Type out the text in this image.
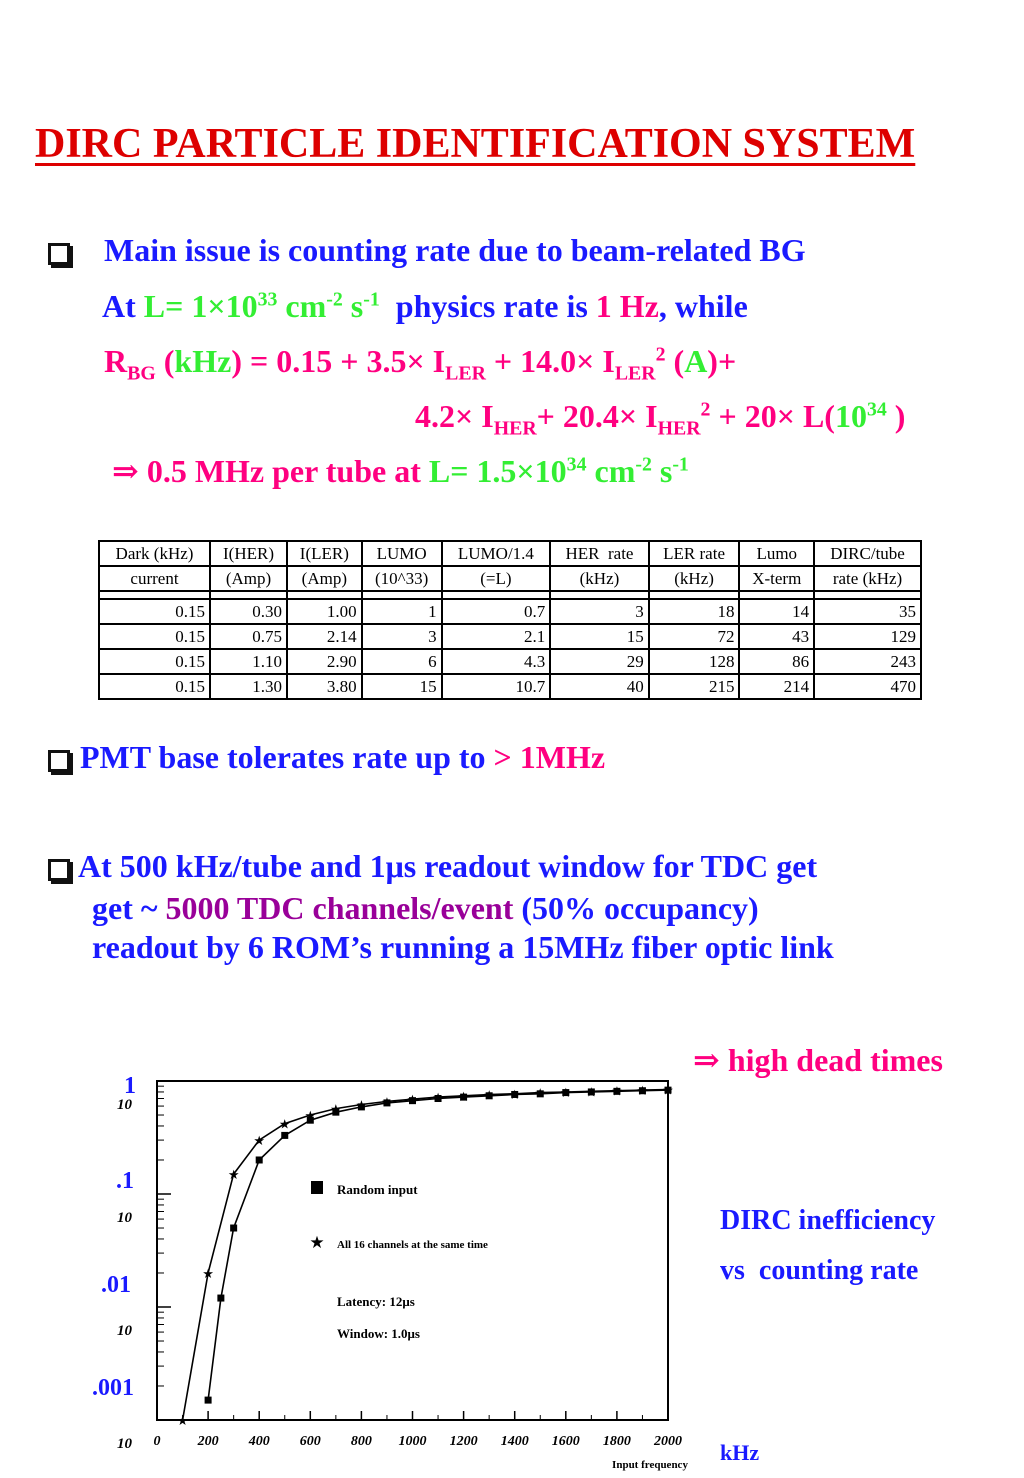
DIRC PARTICLE IDENTIFICATION SYSTEM
Main issue is counting rate due to beam-related BG
At $L= 1\times 10^{33}$ $cm^{-2}$ $s^{-1}$  physics rate is 1 Hz, while
$R_{BG}$ $(kHz) = 0.15 + 3.5\times I_{LER} + 14.0\times I_{LER}^2$ (A)+
$4.2\times I_{HER}+ 20.4\times I_{HER}^2 + 20\times L(10^{34}$ )
⇒ 0.5 MHz per tube at $L= 1.5\times 10^{34}$ $cm^{-2}$ $s^{-1}$
Dark (kHz)	I(HER)	I(LER)	LUMO	LUMO/1.4	HER  rate	LER rate	Lumo	DIRC/tube
current	(Amp)	(Amp)	(10^33)	(=L)	(kHz)	(kHz)	X-term	rate (kHz)

0.15	0.30	1.00	1	0.7	3	18	14	35
0.15	0.75	2.14	3	2.1	15	72	43	129
0.15	1.10	2.90	6	4.3	29	128	86	243
0.15	1.30	3.80	15	10.7	40	215	214	470
PMT base tolerates rate up to > 1MHz
At 500 kHz/tube and 1μs readout window for TDC get
get ~ 5000 TDC channels/event (50% occupancy)
readout by 6 ROM’s running a 15MHz fiber optic link
⇒ high dead times
DIRC inefficiency
vs  counting rate
0	200 400 600 800 1000 1200 1400 1600 1800 2000
10
10
10
10
1
.1
.01
.001
★
★
★
★
★
★ ★ ★ ★ ★ ★ ★ ★ ★ ★ ★ ★ ★ ★ ★
Random input
★ All 16 channels at the same time
Latency: 12μs
Window: 1.0μs
Input frequency kHz
